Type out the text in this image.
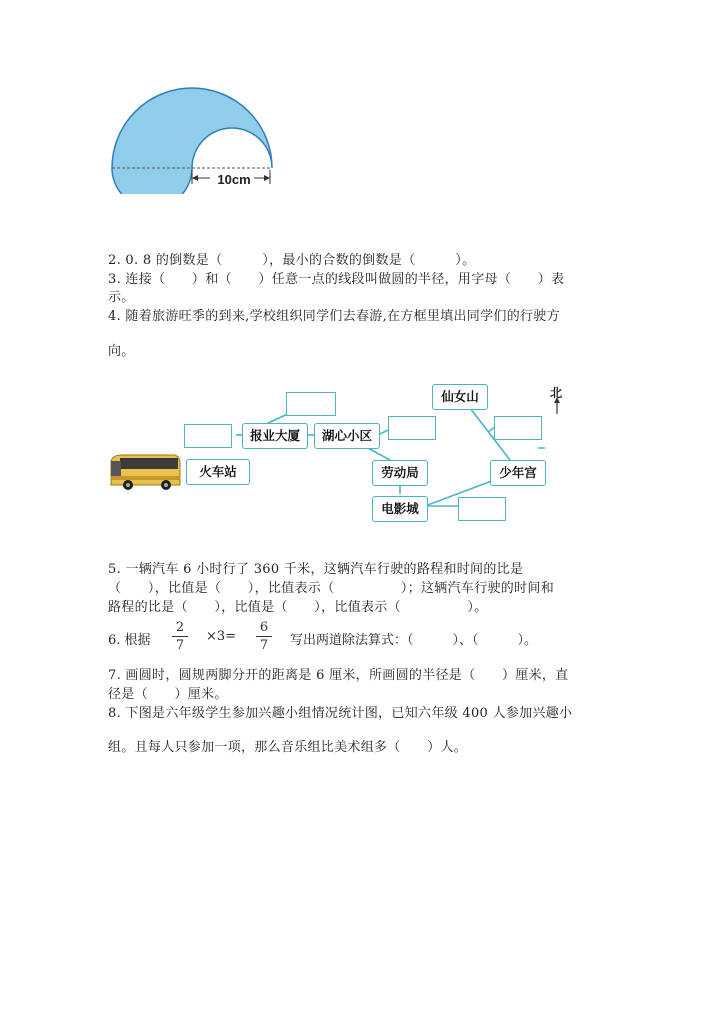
10cm
2. 0. 8 的倒数是（　　　），最小的合数的倒数是（　　　）。
3. 连接（　　）和（　　）任意一点的线段叫做圆的半径，用字母（　　）表
示。
4. 随着旅游旺季的到来,学校组织同学们去春游,在方框里填出同学们的行驶方
向。
火车站
报业大厦	湖心小区
仙女山
劳动局	少年宫
电影城
北
5. 一辆汽车 6 小时行了 360 千米，这辆汽车行驶的路程和时间的比是
（　　），比值是（　　），比值表示（　　　　　）；这辆汽车行驶的时间和
路程的比是（　　），比值是（　　），比值表示（　　　　　）。
6. 根据
2
7
×3=
6
7 写出两道除法算式：（　　　）、（　　　）。
7. 画圆时，圆规两脚分开的距离是 6 厘米，所画圆的半径是（　　）厘米，直
径是（　　）厘米。
8. 下图是六年级学生参加兴趣小组情况统计图，已知六年级 400 人参加兴趣小
组。且每人只参加一项，那么音乐组比美术组多（　　）人。
